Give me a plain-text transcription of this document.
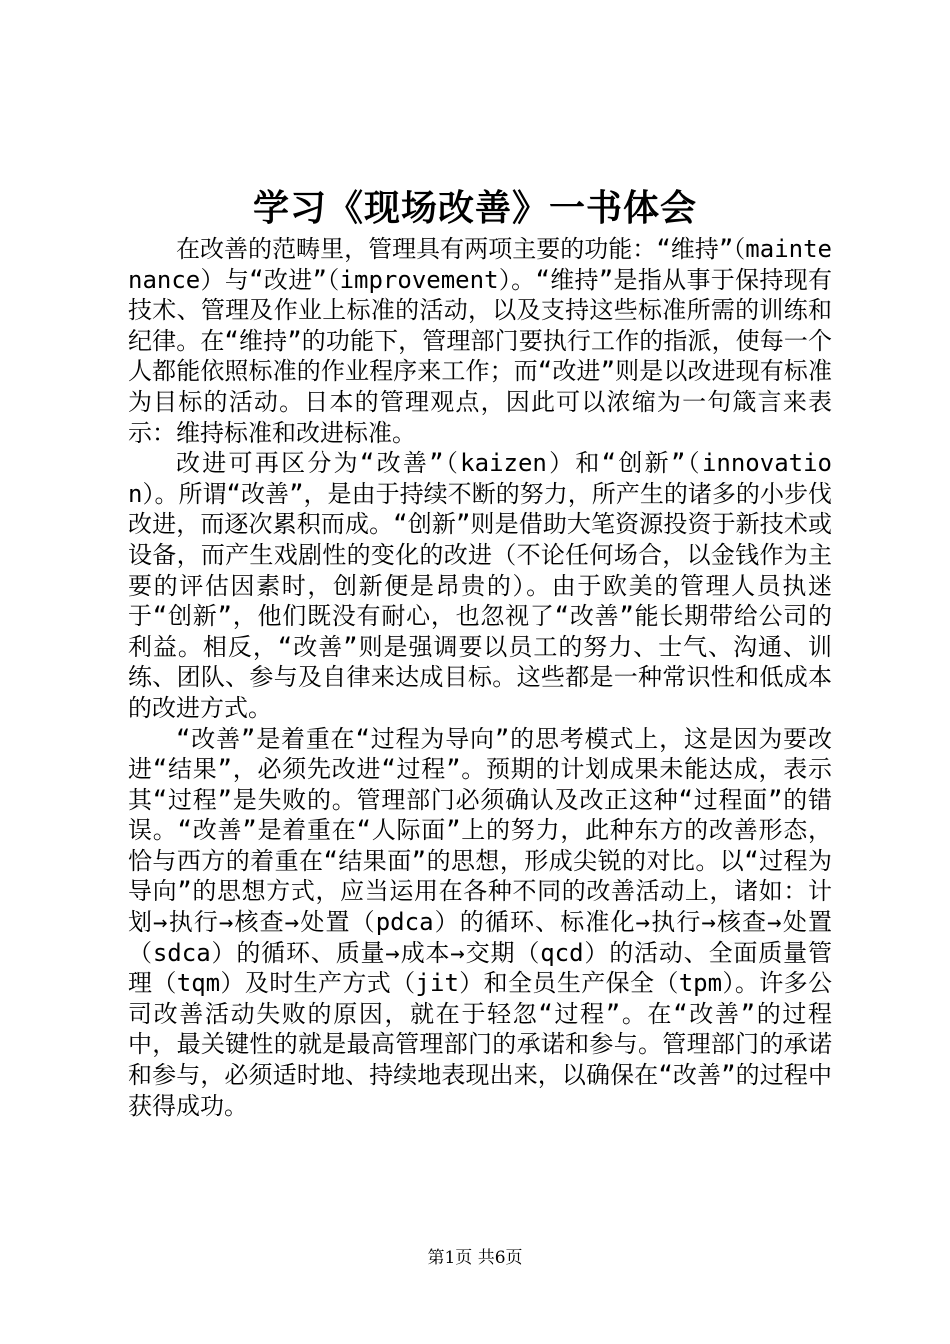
学习《现场改善》一书体会

在改善的范畴里，管理具有两项主要的功能：“维持”（maintenance）与“改进”（improvement）。“维持”是指从事于保持现有技术、管理及作业上标准的活动，以及支持这些标准所需的训练和纪律。在“维持”的功能下，管理部门要执行工作的指派，使每一个人都能依照标准的作业程序来工作；而“改进”则是以改进现有标准为目标的活动。日本的管理观点，因此可以浓缩为一句箴言来表示：维持标准和改进标准。

改进可再区分为“改善”（kaizen）和“创新”（innovation）。所谓“改善”，是由于持续不断的努力，所产生的诸多的小步伐改进，而逐次累积而成。“创新”则是借助大笔资源投资于新技术或设备，而产生戏剧性的变化的改进（不论任何场合，以金钱作为主要的评估因素时，创新便是昂贵的）。由于欧美的管理人员执迷于“创新”，他们既没有耐心，也忽视了“改善”能长期带给公司的利益。相反，“改善”则是强调要以员工的努力、士气、沟通、训练、团队、参与及自律来达成目标。这些都是一种常识性和低成本的改进方式。

“改善”是着重在“过程为导向”的思考模式上，这是因为要改进“结果”，必须先改进“过程”。预期的计划成果未能达成，表示其“过程”是失败的。管理部门必须确认及改正这种“过程面”的错误。“改善”是着重在“人际面”上的努力，此种东方的改善形态，恰与西方的着重在“结果面”的思想，形成尖锐的对比。以“过程为导向”的思想方式，应当运用在各种不同的改善活动上，诸如：计划→执行→核查→处置（pdca）的循环、标准化→执行→核查→处置（sdca）的循环、质量→成本→交期（qcd）的活动、全面质量管理（tqm）及时生产方式（jit）和全员生产保全（tpm）。许多公司改善活动失败的原因，就在于轻忽“过程”。在“改善”的过程中，最关键性的就是最高管理部门的承诺和参与。管理部门的承诺和参与，必须适时地、持续地表现出来，以确保在“改善”的过程中获得成功。

第1页 共6页
